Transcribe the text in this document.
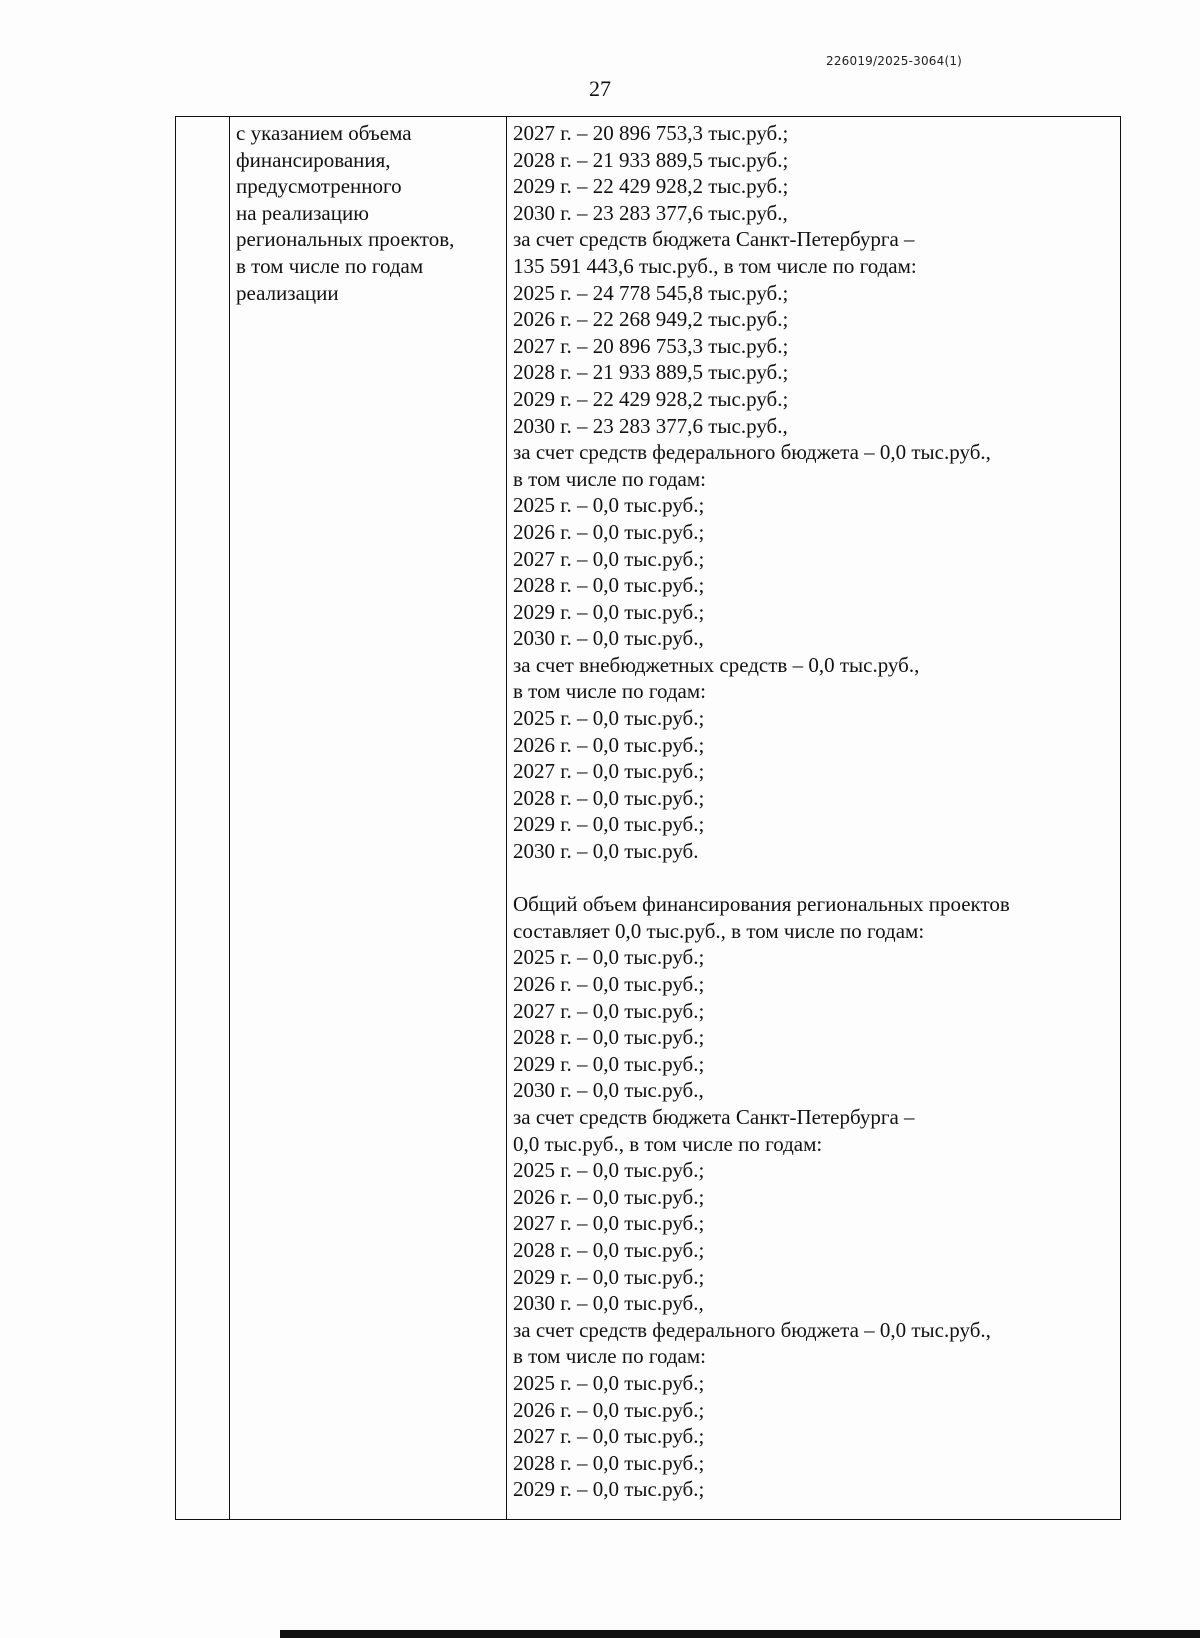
226019/2025-3064(1)
27
с указанием объема
финансирования,
предусмотренного
на реализацию
региональных проектов,
в том числе по годам
реализации
2027 г. – 20 896 753,3 тыс.руб.;
2028 г. – 21 933 889,5 тыс.руб.;
2029 г. – 22 429 928,2 тыс.руб.;
2030 г. – 23 283 377,6 тыс.руб.,
за счет средств бюджета Санкт-Петербурга –
135 591 443,6 тыс.руб., в том числе по годам:
2025 г. – 24 778 545,8 тыс.руб.;
2026 г. – 22 268 949,2 тыс.руб.;
2027 г. – 20 896 753,3 тыс.руб.;
2028 г. – 21 933 889,5 тыс.руб.;
2029 г. – 22 429 928,2 тыс.руб.;
2030 г. – 23 283 377,6 тыс.руб.,
за счет средств федерального бюджета – 0,0 тыс.руб.,
в том числе по годам:
2025 г. – 0,0 тыс.руб.;
2026 г. – 0,0 тыс.руб.;
2027 г. – 0,0 тыс.руб.;
2028 г. – 0,0 тыс.руб.;
2029 г. – 0,0 тыс.руб.;
2030 г. – 0,0 тыс.руб.,
за счет внебюджетных средств – 0,0 тыс.руб.,
в том числе по годам:
2025 г. – 0,0 тыс.руб.;
2026 г. – 0,0 тыс.руб.;
2027 г. – 0,0 тыс.руб.;
2028 г. – 0,0 тыс.руб.;
2029 г. – 0,0 тыс.руб.;
2030 г. – 0,0 тыс.руб.
Общий объем финансирования региональных проектов
составляет 0,0 тыс.руб., в том числе по годам:
2025 г. – 0,0 тыс.руб.;
2026 г. – 0,0 тыс.руб.;
2027 г. – 0,0 тыс.руб.;
2028 г. – 0,0 тыс.руб.;
2029 г. – 0,0 тыс.руб.;
2030 г. – 0,0 тыс.руб.,
за счет средств бюджета Санкт-Петербурга –
0,0 тыс.руб., в том числе по годам:
2025 г. – 0,0 тыс.руб.;
2026 г. – 0,0 тыс.руб.;
2027 г. – 0,0 тыс.руб.;
2028 г. – 0,0 тыс.руб.;
2029 г. – 0,0 тыс.руб.;
2030 г. – 0,0 тыс.руб.,
за счет средств федерального бюджета – 0,0 тыс.руб.,
в том числе по годам:
2025 г. – 0,0 тыс.руб.;
2026 г. – 0,0 тыс.руб.;
2027 г. – 0,0 тыс.руб.;
2028 г. – 0,0 тыс.руб.;
2029 г. – 0,0 тыс.руб.;
